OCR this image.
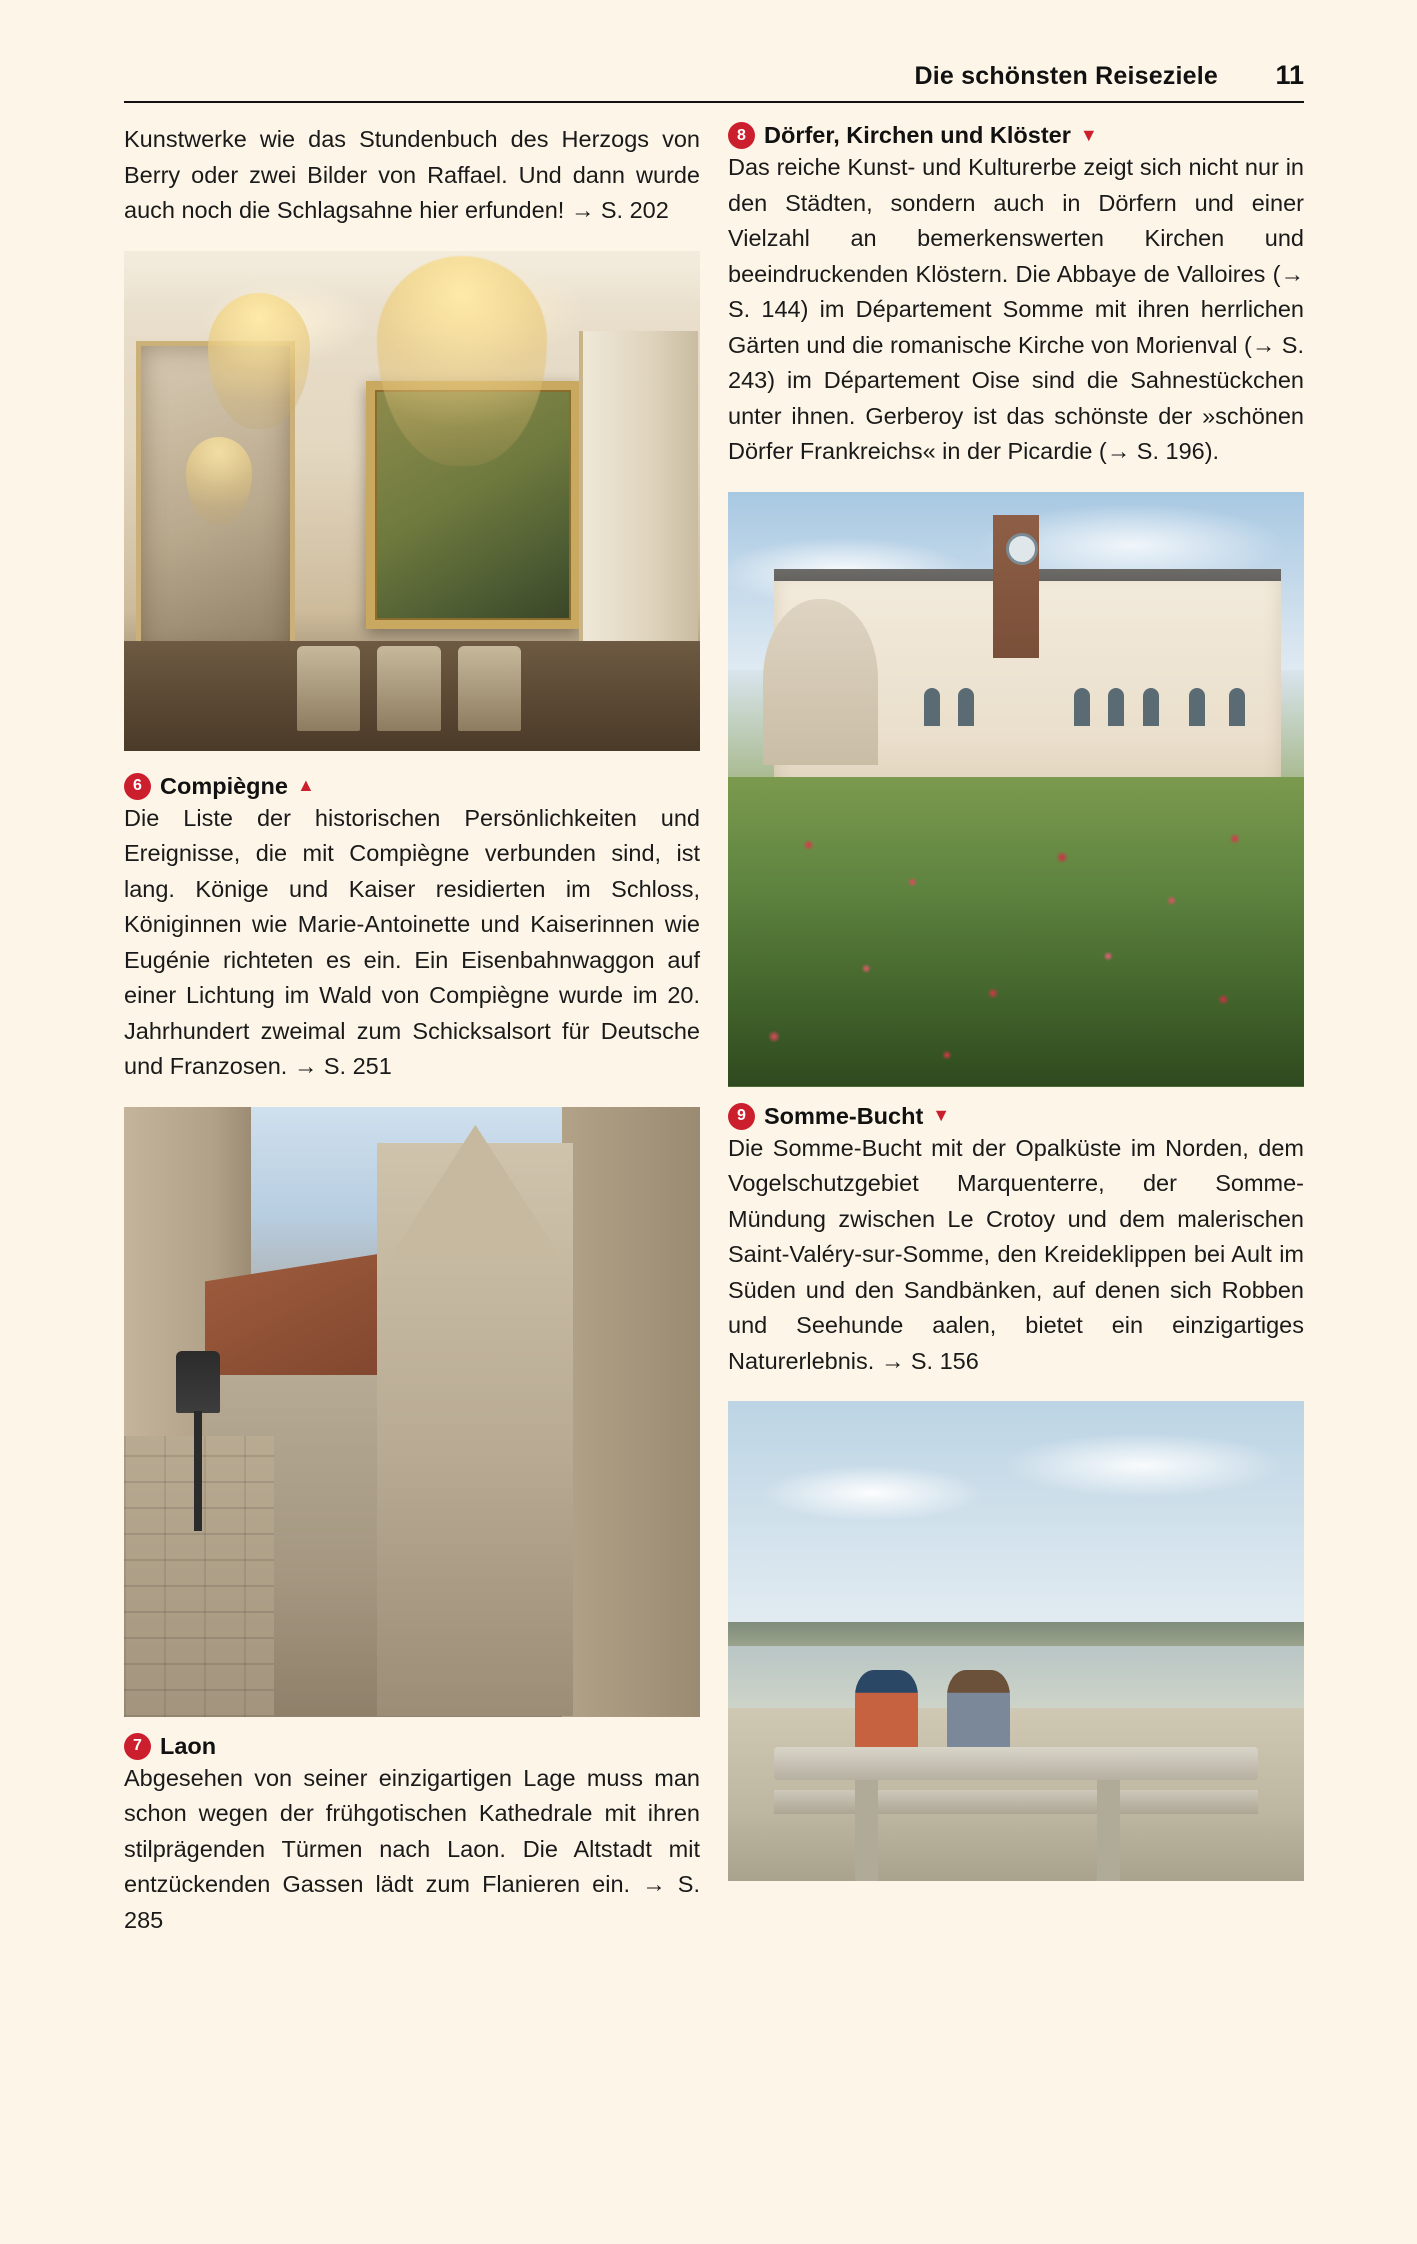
Die schönsten Reiseziele 11

Kunstwerke wie das Stundenbuch des Herzogs von Berry oder zwei Bilder von Raffael. Und dann wurde auch noch die Schlagsahne hier erfunden! → S. 202

6 Compiègne ▲

Die Liste der historischen Persönlichkeiten und Ereignisse, die mit Compiègne verbunden sind, ist lang. Könige und Kaiser residierten im Schloss, Königinnen wie Marie-Antoinette und Kaiserinnen wie Eugénie richteten es ein. Ein Eisenbahnwaggon auf einer Lichtung im Wald von Compiègne wurde im 20. Jahrhundert zweimal zum Schicksalsort für Deutsche und Franzosen. → S. 251

7 Laon

Abgesehen von seiner einzigartigen Lage muss man schon wegen der frühgotischen Kathedrale mit ihren stilprägenden Türmen nach Laon. Die Altstadt mit entzückenden Gassen lädt zum Flanieren ein. → S. 285

8 Dörfer, Kirchen und Klöster ▼

Das reiche Kunst- und Kulturerbe zeigt sich nicht nur in den Städten, sondern auch in Dörfern und einer Vielzahl an bemerkenswerten Kirchen und beeindruckenden Klöstern. Die Abbaye de Valloires (→ S. 144) im Département Somme mit ihren herrlichen Gärten und die romanische Kirche von Morienval (→ S. 243) im Département Oise sind die Sahnestückchen unter ihnen. Gerberoy ist das schönste der »schönen Dörfer Frankreichs« in der Picardie (→ S. 196).

9 Somme-Bucht ▼

Die Somme-Bucht mit der Opalküste im Norden, dem Vogelschutzgebiet Marquenterre, der Somme-Mündung zwischen Le Crotoy und dem malerischen Saint-Valéry-sur-Somme, den Kreideklippen bei Ault im Süden und den Sandbänken, auf denen sich Robben und Seehunde aalen, bietet ein einzigartiges Naturerlebnis. → S. 156
